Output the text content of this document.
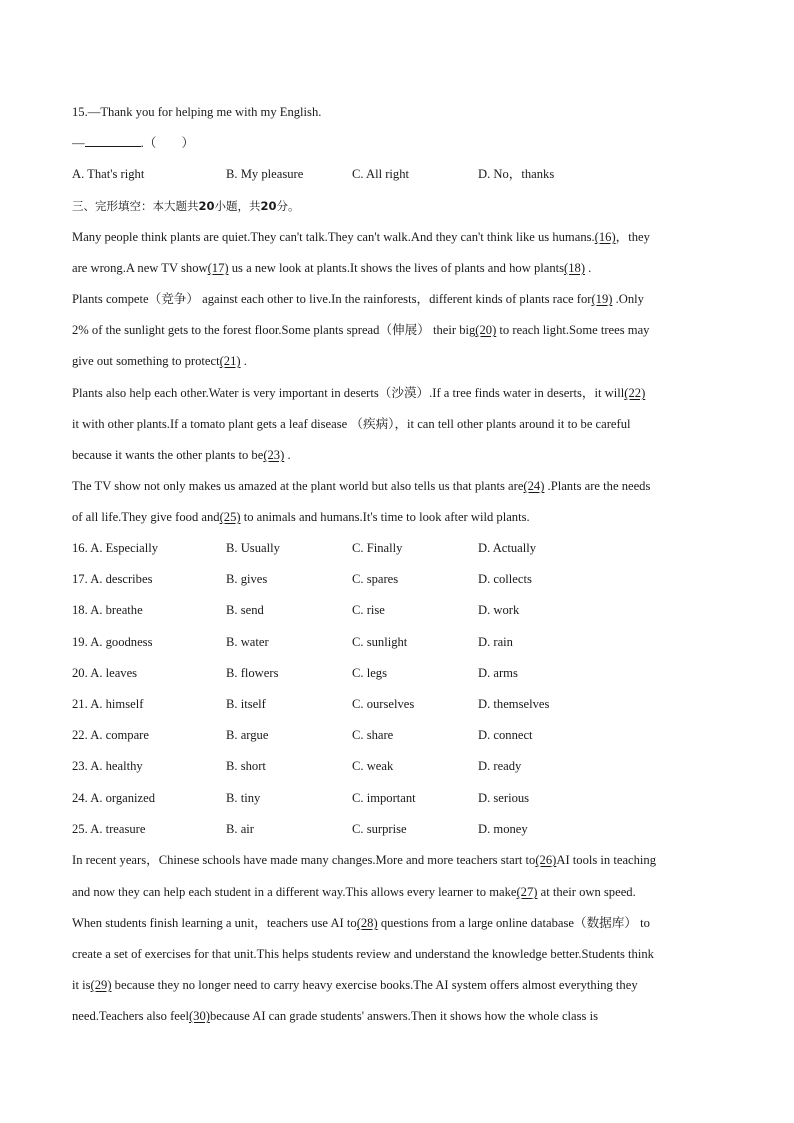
15.—Thank you for helping me with my English.
—	.（　　）
A. That's right	B. My pleasure	C. All right	D. No，thanks
三、完形填空：本大题共20小题，共20分。
Many people think plants are quiet.They can't talk.They can't walk.And they can't think like us humans.(16)，they
are wrong.A new TV show(17) us a new look at plants.It shows the lives of plants and how plants(18) .
Plants compete（竞争） against each other to live.In the rainforests，different kinds of plants race for(19) .Only
2% of the sunlight gets to the forest floor.Some plants spread（伸展） their big(20) to reach light.Some trees may
give out something to protect(21) .
Plants also help each other.Water is very important in deserts（沙漠）.If a tree finds water in deserts，it will(22)
it with other plants.If a tomato plant gets a leaf disease （疾病），it can tell other plants around it to be careful
because it wants the other plants to be(23) .
The TV show not only makes us amazed at the plant world but also tells us that plants are(24) .Plants are the needs
of all life.They give food and(25) to animals and humans.It's time to look after wild plants.
16. A. Especially	B. Usually	C. Finally	D. Actually
17. A. describes	B. gives	C. spares	D. collects
18. A. breathe	B. send	C. rise	D. work
19. A. goodness	B. water	C. sunlight	D. rain
20. A. leaves	B. flowers	C. legs	D. arms
21. A. himself	B. itself	C. ourselves	D. themselves
22. A. compare	B. argue	C. share	D. connect
23. A. healthy	B. short	C. weak	D. ready
24. A. organized	B. tiny	C. important	D. serious
25. A. treasure	B. air	C. surprise	D. money
In recent years，Chinese schools have made many changes.More and more teachers start to(26)AI tools in teaching
and now they can help each student in a different way.This allows every learner to make(27) at their own speed.
When students finish learning a unit，teachers use AI to(28) questions from a large online database（数据库） to
create a set of exercises for that unit.This helps students review and understand the knowledge better.Students think
it is(29) because they no longer need to carry heavy exercise books.The AI system offers almost everything they
need.Teachers also feel(30)because AI can grade students' answers.Then it shows how the whole class is
